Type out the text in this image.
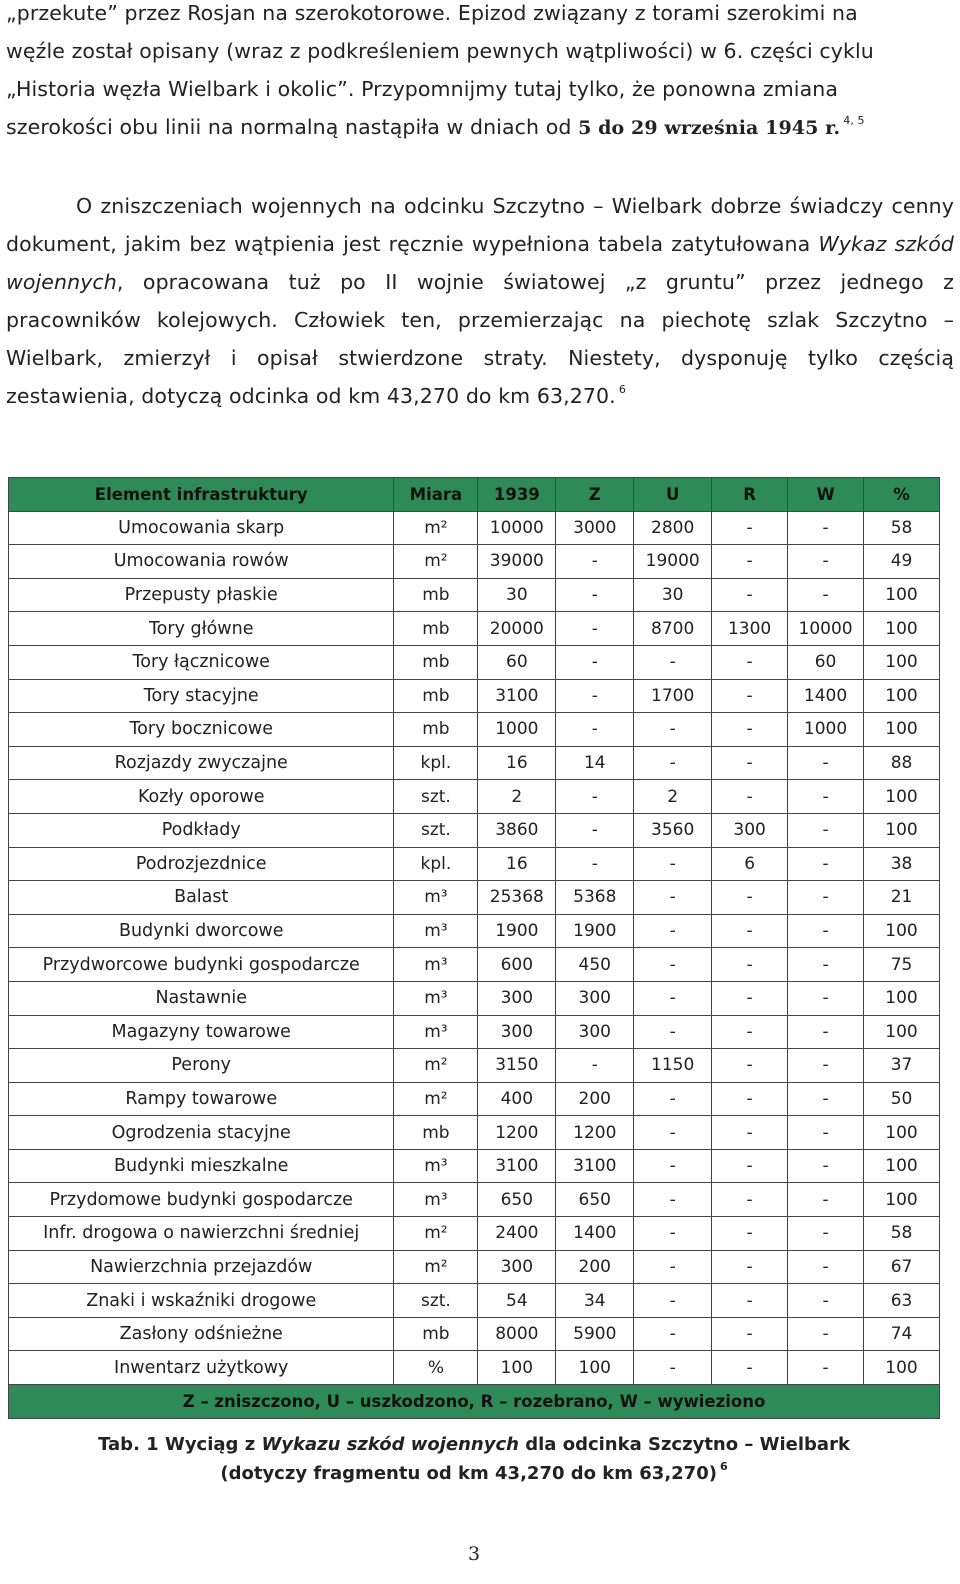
„przekute” przez Rosjan na szerokotorowe. Epizod związany z torami szerokimi na
węźle został opisany (wraz z podkreśleniem pewnych wątpliwości) w 6. części cyklu
„Historia węzła Wielbark i okolic”. Przypomnijmy tutaj tylko, że ponowna zmiana
szerokości obu linii na normalną nastąpiła w dniach od 5 do 29 września 1945 r. $^{4, 5}$

O zniszczeniach wojennych na odcinku Szczytno – Wielbark dobrze świadczy cenny dokument, jakim bez wątpienia jest ręcznie wypełniona tabela zatytułowana Wykaz szkód wojennych, opracowana tuż po II wojnie światowej „z gruntu” przez jednego z pracowników kolejowych. Człowiek ten, przemierzając na piechotę szlak Szczytno – Wielbark, zmierzył i opisał stwierdzone straty. Niestety, dysponuję tylko częścią zestawienia, dotyczą odcinka od km 43,270 do km 63,270. $^6$

Element infrastruktury	Miara	1939	Z	U	R	W	%
Umocowania skarp	m²	10000	3000	2800	-	-	58
Umocowania rowów	m²	39000	-	19000	-	-	49
Przepusty płaskie	mb	30	-	30	-	-	100
Tory główne	mb	20000	-	8700	1300	10000	100
Tory łącznicowe	mb	60	-	-	-	60	100
Tory stacyjne	mb	3100	-	1700	-	1400	100
Tory bocznicowe	mb	1000	-	-	-	1000	100
Rozjazdy zwyczajne	kpl.	16	14	-	-	-	88
Kozły oporowe	szt.	2	-	2	-	-	100
Podkłady	szt.	3860	-	3560	300	-	100
Podrozjezdnice	kpl.	16	-	-	6	-	38
Balast	m³	25368	5368	-	-	-	21
Budynki dworcowe	m³	1900	1900	-	-	-	100
Przydworcowe budynki gospodarcze	m³	600	450	-	-	-	75
Nastawnie	m³	300	300	-	-	-	100
Magazyny towarowe	m³	300	300	-	-	-	100
Perony	m²	3150	-	1150	-	-	37
Rampy towarowe	m²	400	200	-	-	-	50
Ogrodzenia stacyjne	mb	1200	1200	-	-	-	100
Budynki mieszkalne	m³	3100	3100	-	-	-	100
Przydomowe budynki gospodarcze	m³	650	650	-	-	-	100
Infr. drogowa o nawierzchni średniej	m²	2400	1400	-	-	-	58
Nawierzchnia przejazdów	m²	300	200	-	-	-	67
Znaki i wskaźniki drogowe	szt.	54	34	-	-	-	63
Zasłony odśnieżne	mb	8000	5900	-	-	-	74
Inwentarz użytkowy	%	100	100	-	-	-	100
Z – zniszczono, U – uszkodzono, R – rozebrano, W – wywieziono							
Tab. 1 Wyciąg z Wykazu szkód wojennych dla odcinka Szczytno – Wielbark
(dotyczy fragmentu od km 43,270 do km 63,270) $^6$
3
